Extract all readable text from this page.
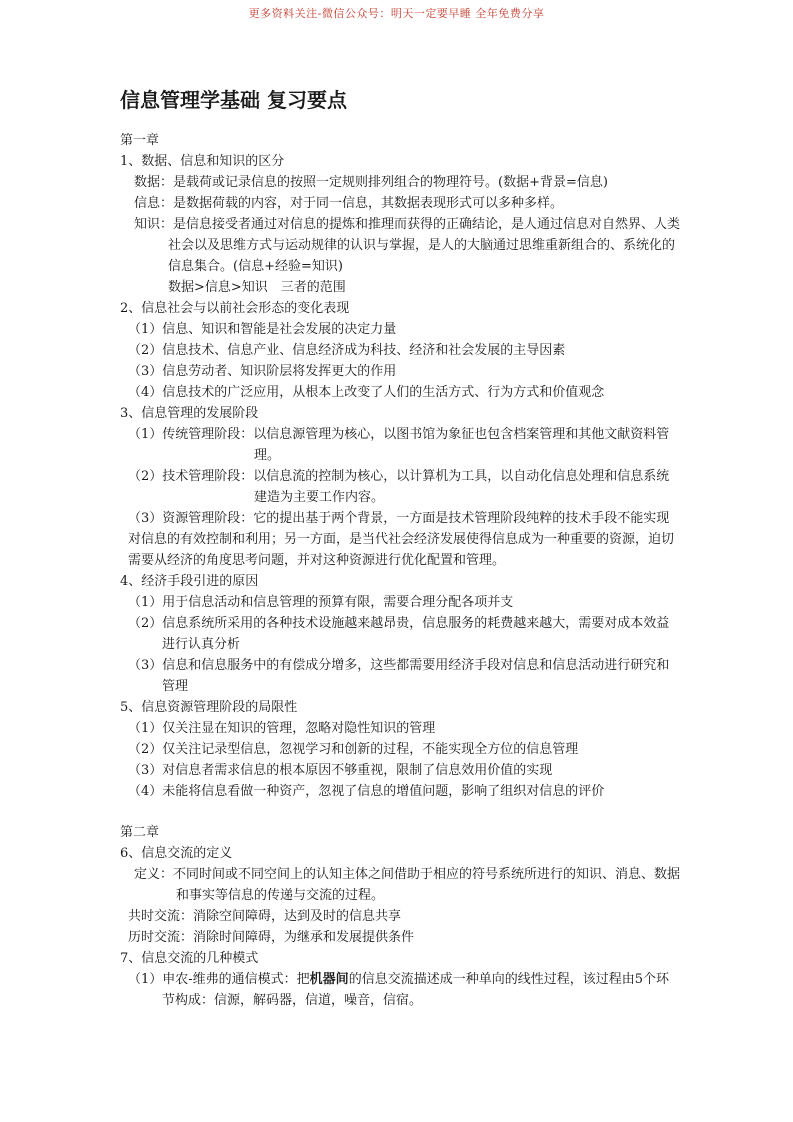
更多资料关注-微信公众号：明天一定要早睡 全年免费分享
信息管理学基础 复习要点
第一章
1、数据、信息和知识的区分
数据：是载荷或记录信息的按照一定规则排列组合的物理符号。(数据+背景=信息)
信息：是数据荷载的内容，对于同一信息，其数据表现形式可以多种多样。
知识：是信息接受者通过对信息的提炼和推理而获得的正确结论，是人通过信息对自然界、人类社会以及思维方式与运动规律的认识与掌握，是人的大脑通过思维重新组合的、系统化的信息集合。(信息+经验=知识)
数据>信息>知识　三者的范围
2、信息社会与以前社会形态的变化表现
（1）信息、知识和智能是社会发展的决定力量
（2）信息技术、信息产业、信息经济成为科技、经济和社会发展的主导因素
（3）信息劳动者、知识阶层将发挥更大的作用
（4）信息技术的广泛应用，从根本上改变了人们的生活方式、行为方式和价值观念
3、信息管理的发展阶段
（1）传统管理阶段：以信息源管理为核心，以图书馆为象征也包含档案管理和其他文献资料管理。
（2）技术管理阶段：以信息流的控制为核心，以计算机为工具，以自动化信息处理和信息系统建造为主要工作内容。
（3）资源管理阶段：它的提出基于两个背景，一方面是技术管理阶段纯粹的技术手段不能实现对信息的有效控制和利用；另一方面，是当代社会经济发展使得信息成为一种重要的资源，迫切需要从经济的角度思考问题，并对这种资源进行优化配置和管理。
4、经济手段引进的原因
（1）用于信息活动和信息管理的预算有限，需要合理分配各项并支
（2）信息系统所采用的各种技术设施越来越昂贵，信息服务的耗费越来越大，需要对成本效益进行认真分析
（3）信息和信息服务中的有偿成分增多，这些都需要用经济手段对信息和信息活动进行研究和管理
5、信息资源管理阶段的局限性
（1）仅关注显在知识的管理，忽略对隐性知识的管理
（2）仅关注记录型信息，忽视学习和创新的过程，不能实现全方位的信息管理
（3）对信息者需求信息的根本原因不够重视，限制了信息效用价值的实现
（4）未能将信息看做一种资产，忽视了信息的增值问题，影响了组织对信息的评价
第二章
6、信息交流的定义
定义：不同时间或不同空间上的认知主体之间借助于相应的符号系统所进行的知识、消息、数据和事实等信息的传递与交流的过程。
共时交流：消除空间障碍，达到及时的信息共享
历时交流：消除时间障碍，为继承和发展提供条件
7、信息交流的几种模式
（1）申农-维弗的通信模式：把机器间的信息交流描述成一种单向的线性过程，该过程由5个环节构成：信源，解码器，信道，噪音，信宿。
